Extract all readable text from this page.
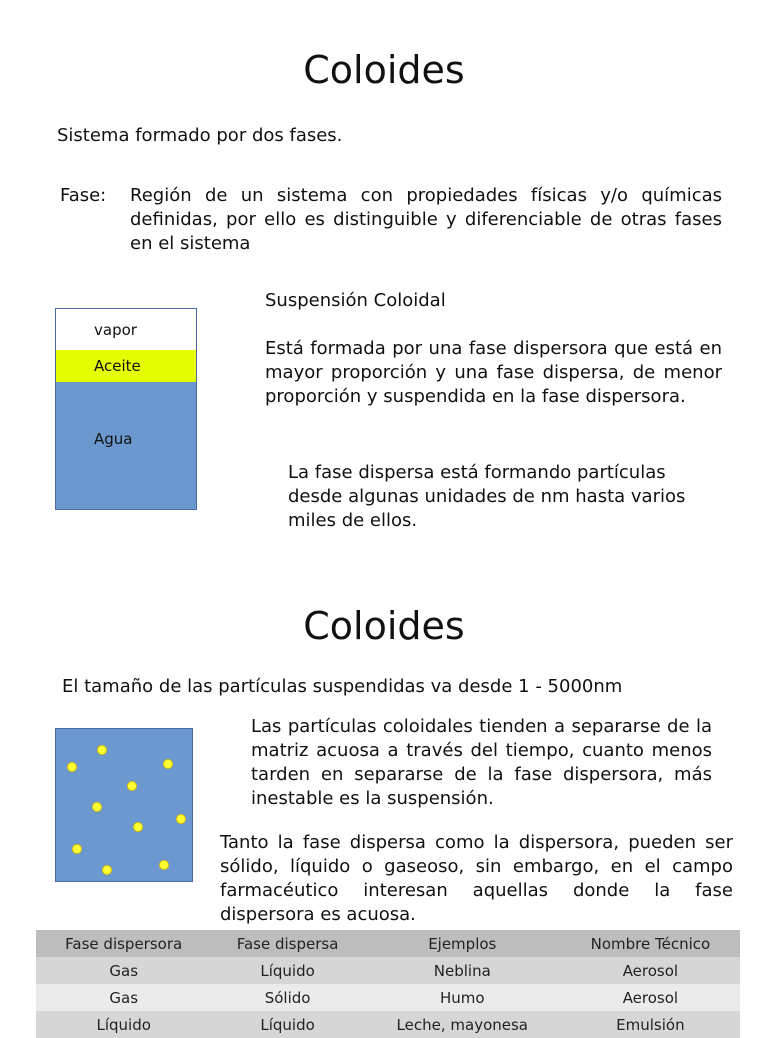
Coloides
Sistema formado por dos fases.
Fase: Región de un sistema con propiedades físicas y/o químicas definidas, por ello es distinguible y diferenciable de otras fases en el sistema
vapor
Aceite
Agua
Suspensión Coloidal
Está formada por una fase dispersora que está en mayor proporción y una fase dispersa, de menor proporción y suspendida en la fase dispersora.
La fase dispersa está formando partículas desde algunas unidades de nm hasta varios miles de ellos.
Coloides
El tamaño de las partículas suspendidas va desde 1 - 5000nm
Las partículas coloidales tienden a separarse de la matriz acuosa a través del tiempo, cuanto menos tarden en separarse de la fase dispersora, más inestable es la suspensión.
Tanto la fase dispersa como la dispersora, pueden ser sólido, líquido o gaseoso, sin embargo, en el campo farmacéutico interesan aquellas donde la fase dispersora es acuosa.
Fase dispersora	Fase dispersa	Ejemplos	Nombre Técnico
Gas	Líquido	Neblina	Aerosol
Gas	Sólido	Humo	Aerosol
Líquido	Líquido	Leche, mayonesa	Emulsión
